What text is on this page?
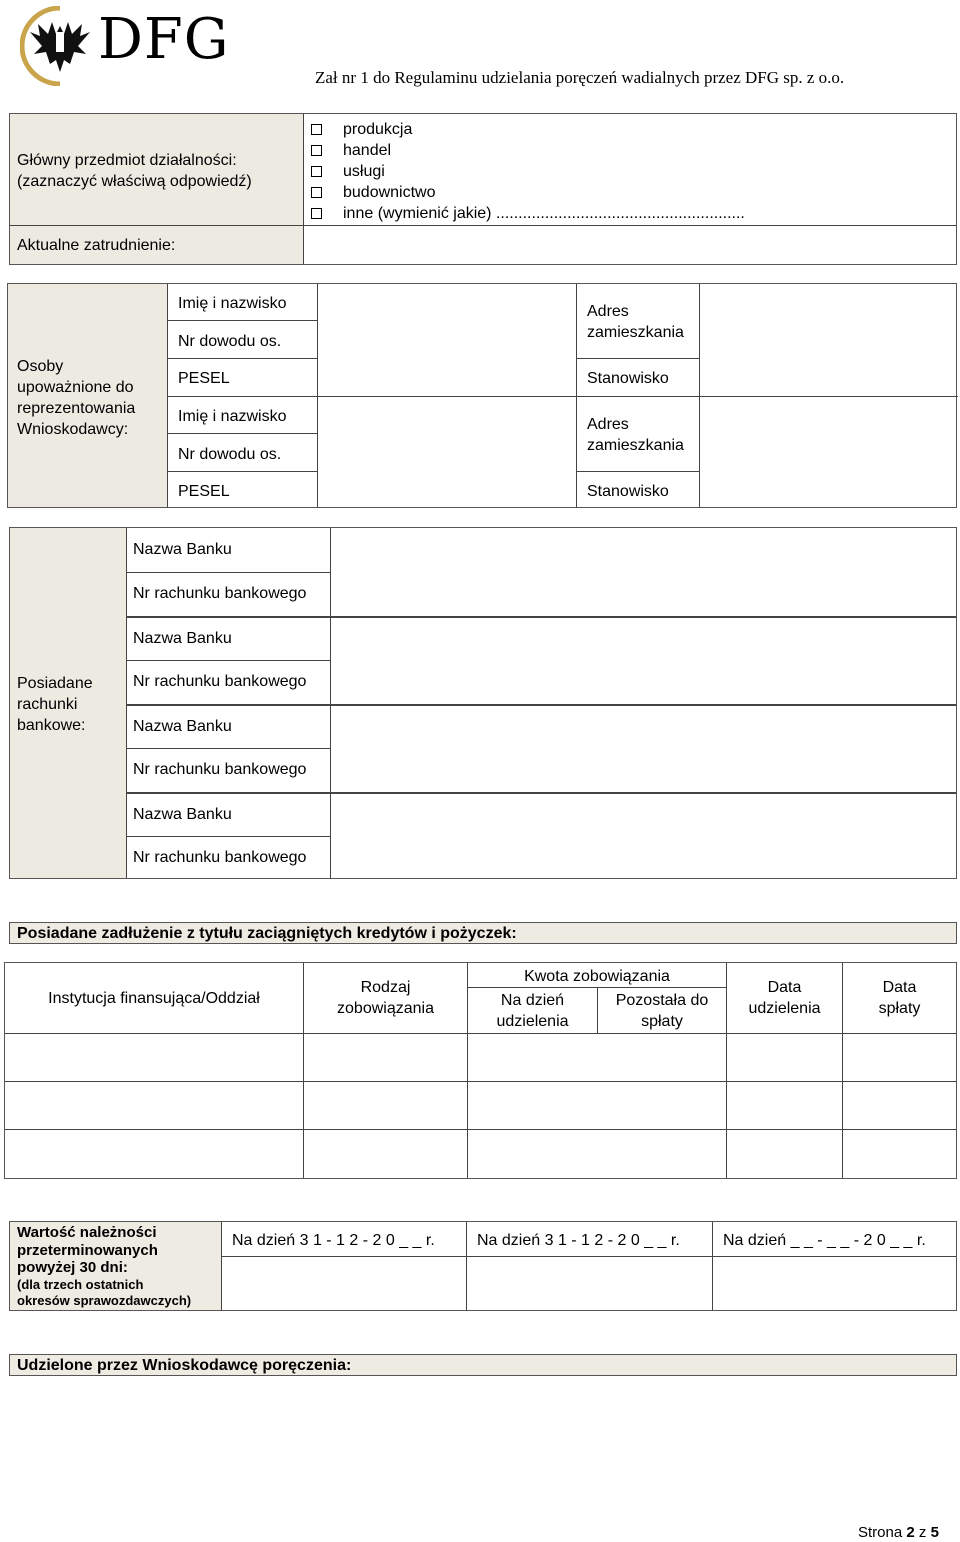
DFG
Zał nr 1 do Regulaminu udzielania poręczeń wadialnych przez DFG sp. z o.o.
Główny przedmiot działalności:
(zaznaczyć właściwą odpowiedź)
produkcja
handel
usługi
budownictwo
inne (wymienić jakie) ........................................................
Aktualne zatrudnienie:
Osoby
upoważnione do
reprezentowania
Wnioskodawcy:
Imię i nazwisko
Nr dowodu os.
PESEL
Imię i nazwisko
Nr dowodu os.
PESEL
Adres
zamieszkania
Stanowisko
Adres
zamieszkania
Stanowisko
Posiadane
rachunki
bankowe:
Nazwa Banku
Nr rachunku bankowego
Nazwa Banku
Nr rachunku bankowego
Nazwa Banku
Nr rachunku bankowego
Nazwa Banku
Nr rachunku bankowego
Posiadane zadłużenie z tytułu zaciągniętych kredytów i pożyczek:
Instytucja finansująca/Oddział
Rodzaj
zobowiązania
Kwota zobowiązania
Na dzień
udzielenia
Pozostała do
spłaty
Data
udzielenia
Data
spłaty
Wartość należności
przeterminowanych
powyżej 30 dni:
(dla trzech ostatnich
okresów sprawozdawczych)
Na dzień 3 1 - 1 2 - 2 0 _ _ r.	Na dzień 3 1 - 1 2 - 2 0 _ _ r.	Na dzień _ _ - _ _ - 2 0 _ _ r.
Udzielone przez Wnioskodawcę poręczenia:
Strona 2 z 5
